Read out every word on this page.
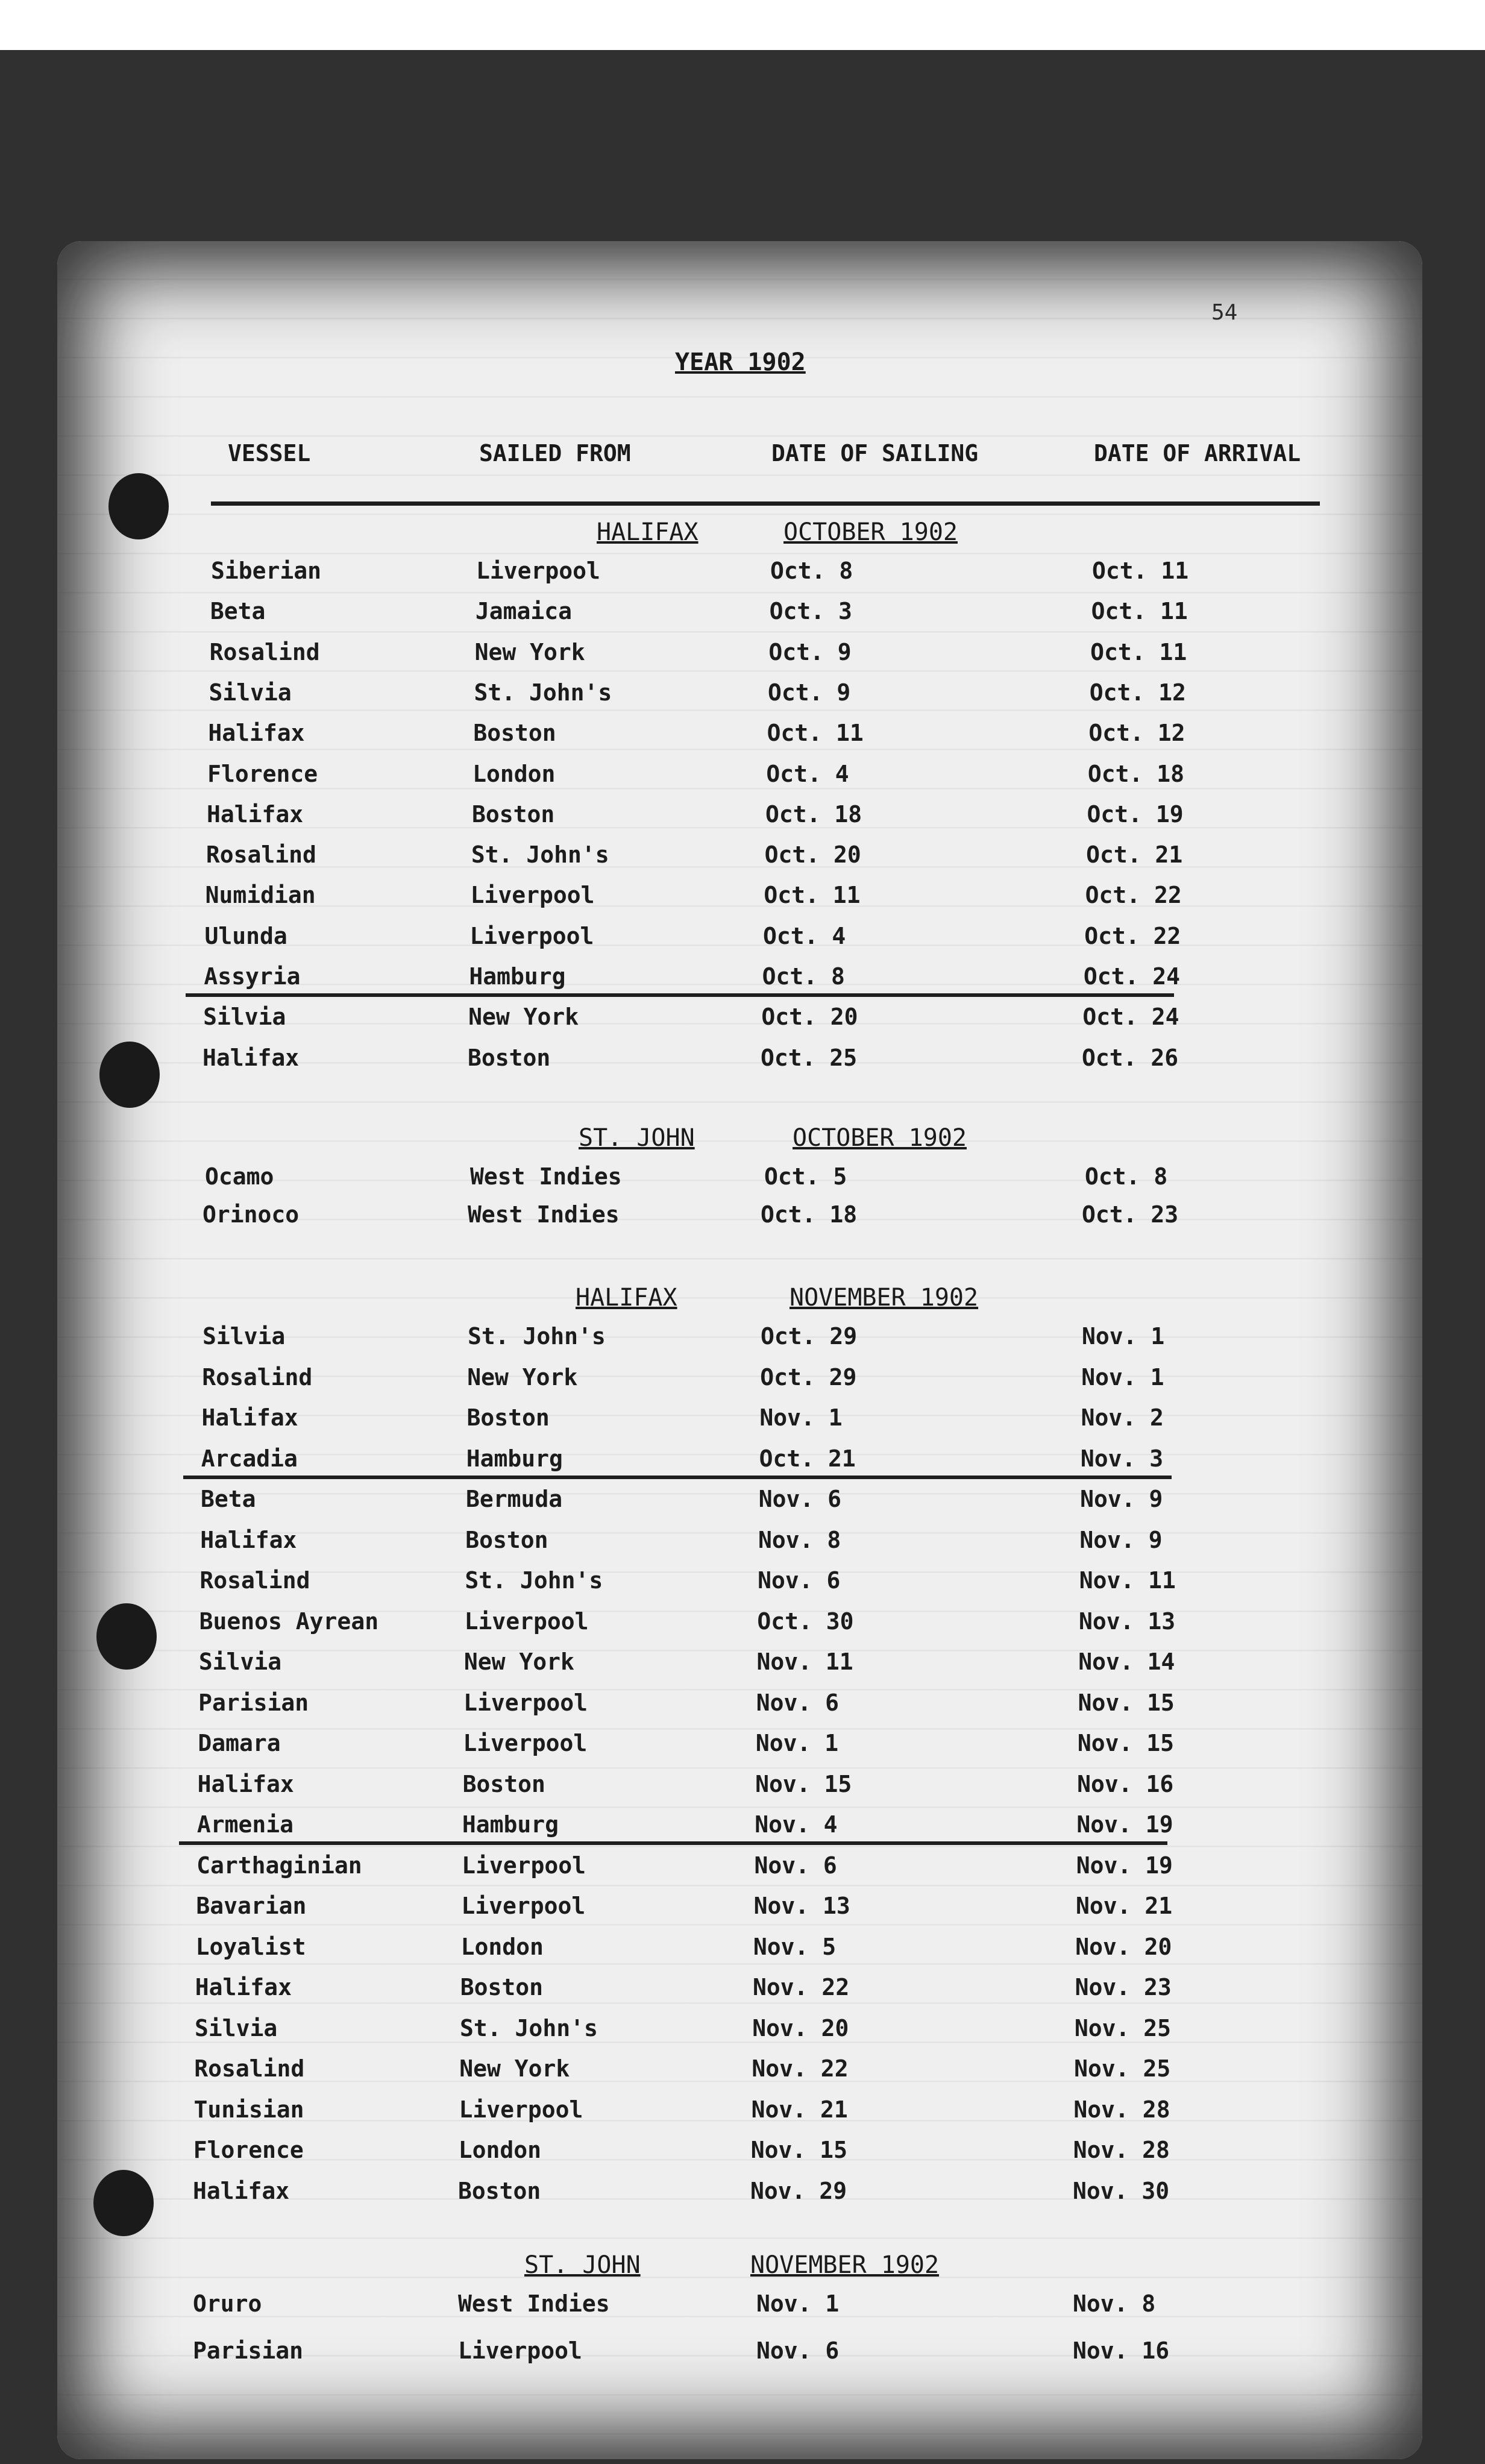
54
YEAR 1902
VESSEL	SAILED FROM	DATE OF SAILING	DATE OF ARRIVAL
HALIFAX	OCTOBER 1902
Siberian	Liverpool	Oct. 8	Oct. 11
Beta	Jamaica	Oct. 3	Oct. 11
Rosalind	New York	Oct. 9	Oct. 11
Silvia	St. John's	Oct. 9	Oct. 12
Halifax	Boston	Oct. 11	Oct. 12
Florence	London	Oct. 4	Oct. 18
Halifax	Boston	Oct. 18	Oct. 19
Rosalind	St. John's	Oct. 20	Oct. 21
Numidian	Liverpool	Oct. 11	Oct. 22
Ulunda	Liverpool	Oct. 4	Oct. 22
Assyria	Hamburg	Oct. 8	Oct. 24
Silvia	New York	Oct. 20	Oct. 24
Halifax	Boston	Oct. 25	Oct. 26
ST. JOHN	OCTOBER 1902
Ocamo	West Indies	Oct. 5	Oct. 8
Orinoco	West Indies	Oct. 18	Oct. 23
HALIFAX	NOVEMBER 1902
Silvia	St. John's	Oct. 29	Nov. 1
Rosalind	New York	Oct. 29	Nov. 1
Halifax	Boston	Nov. 1	Nov. 2
Arcadia	Hamburg	Oct. 21	Nov. 3
Beta	Bermuda	Nov. 6	Nov. 9
Halifax	Boston	Nov. 8	Nov. 9
Rosalind	St. John's	Nov. 6	Nov. 11
Buenos Ayrean	Liverpool	Oct. 30	Nov. 13
Silvia	New York	Nov. 11	Nov. 14
Parisian	Liverpool	Nov. 6	Nov. 15
Damara	Liverpool	Nov. 1	Nov. 15
Halifax	Boston	Nov. 15	Nov. 16
Armenia	Hamburg	Nov. 4	Nov. 19
Carthaginian	Liverpool	Nov. 6	Nov. 19
Bavarian	Liverpool	Nov. 13	Nov. 21
Loyalist	London	Nov. 5	Nov. 20
Halifax	Boston	Nov. 22	Nov. 23
Silvia	St. John's	Nov. 20	Nov. 25
Rosalind	New York	Nov. 22	Nov. 25
Tunisian	Liverpool	Nov. 21	Nov. 28
Florence	London	Nov. 15	Nov. 28
Halifax	Boston	Nov. 29	Nov. 30
ST. JOHN	NOVEMBER 1902
Oruro	West Indies	Nov. 1	Nov. 8
Parisian	Liverpool	Nov. 6	Nov. 16
